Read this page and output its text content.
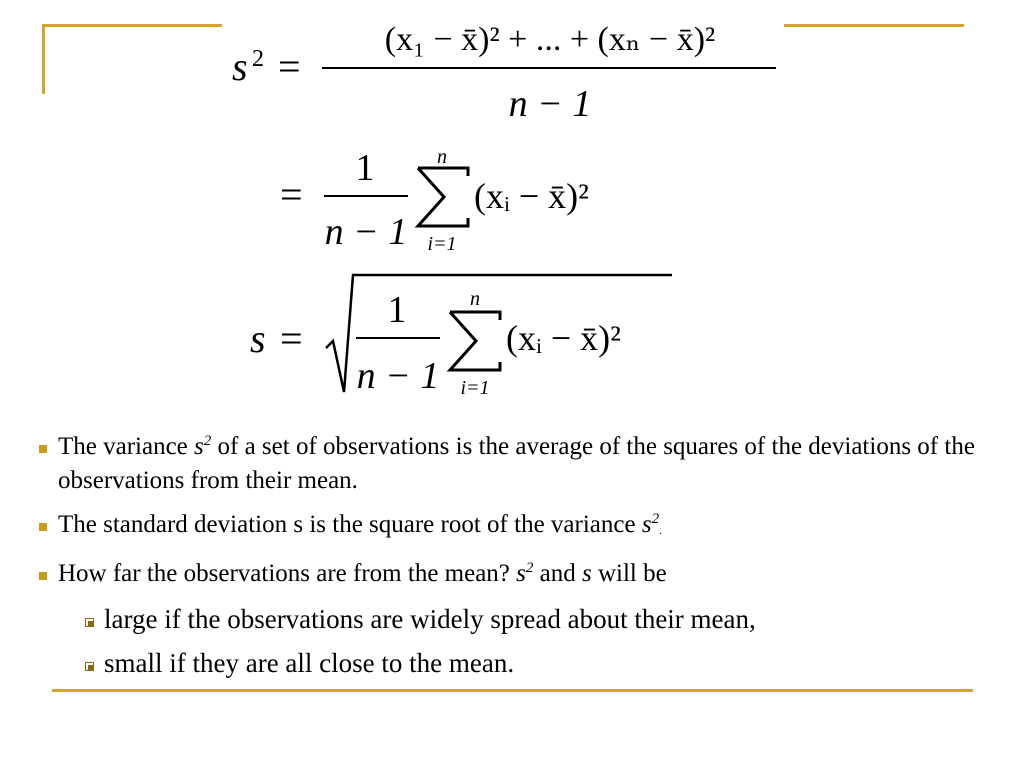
s 2 =
(x₁ − x̄)² + ... + (xₙ − x̄)²
n − 1
=
1
n − 1
n
i=1
(xᵢ − x̄)²
s =
1
n − 1
n
i=1
(xᵢ − x̄)²
The variance $s^2$ of a set of observations is the average of the squares of the deviations of the observations from their mean.
The standard deviation s is the square root of the variance $s^2$.
How far the observations are from the mean? $s^2$ and s will be
large if the observations are widely spread about their mean,
small if they are all close to the mean.
